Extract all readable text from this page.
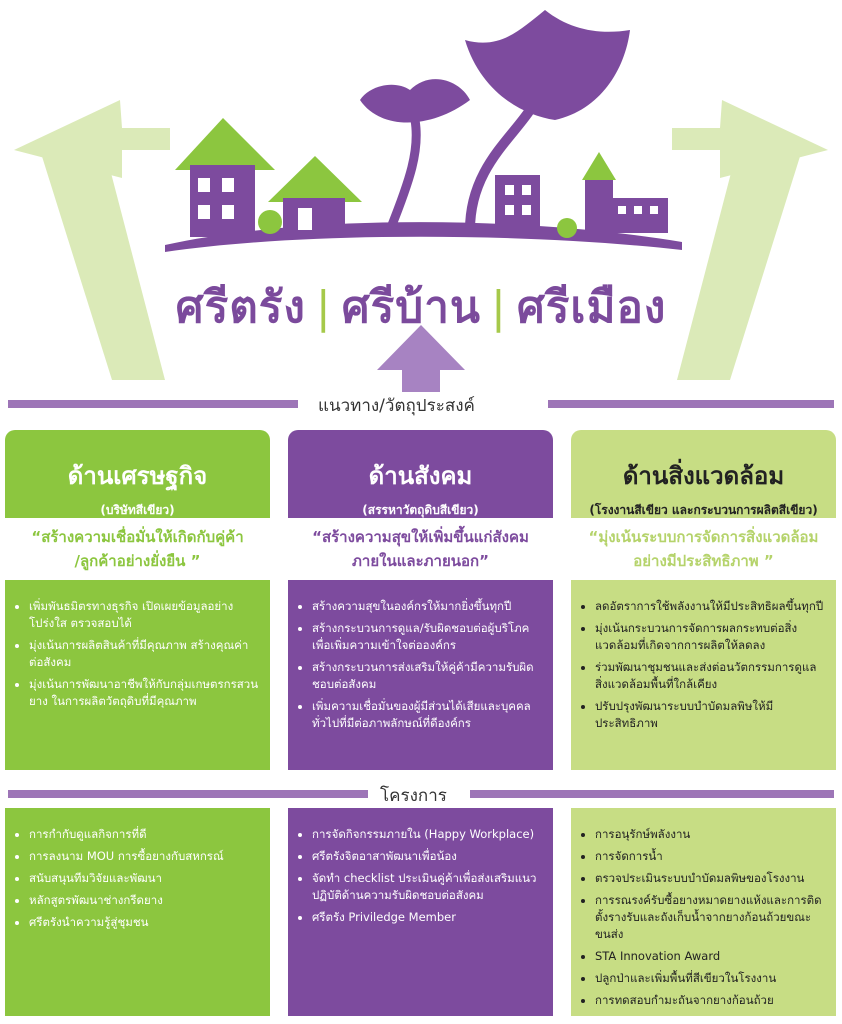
ศรีตรัง | ศรีบ้าน | ศรีเมือง
แนวทาง/วัตถุประสงค์
ด้านเศรษฐกิจ
(บริษัทสีเขียว)
ด้านสังคม
(สรรหาวัตถุดิบสีเขียว)
ด้านสิ่งแวดล้อม
(โรงงานสีเขียว และกระบวนการผลิตสีเขียว)
“สร้างความเชื่อมั่นให้เกิดกับคู่ค้า
/ลูกค้าอย่างยั่งยืน ”
“สร้างความสุขให้เพิ่มขึ้นแก่สังคม
ภายในและภายนอก”
“มุ่งเน้นระบบการจัดการสิ่งแวดล้อม
อย่างมีประสิทธิภาพ ”
• เพิ่มพันธมิตรทางธุรกิจ เปิดเผยข้อมูลอย่างโปร่งใส ตรวจสอบได้
• มุ่งเน้นการผลิตสินค้าที่มีคุณภาพ สร้างคุณค่าต่อสังคม
• มุ่งเน้นการพัฒนาอาชีพให้กับกลุ่มเกษตรกรสวนยาง ในการผลิตวัตถุดิบที่มีคุณภาพ
• สร้างความสุขในองค์กรให้มากยิ่งขึ้นทุกปี
• สร้างกระบวนการดูแล/รับผิดชอบต่อผู้บริโภคเพื่อเพิ่มความเข้าใจต่อองค์กร
• สร้างกระบวนการส่งเสริมให้คู่ค้ามีความรับผิดชอบต่อสังคม
• เพิ่มความเชื่อมั่นของผู้มีส่วนได้เสียและบุคคลทั่วไปที่มีต่อภาพลักษณ์ที่ดีองค์กร
• ลดอัตราการใช้พลังงานให้มีประสิทธิผลขึ้นทุกปี
• มุ่งเน้นกระบวนการจัดการผลกระทบต่อสิ่งแวดล้อมที่เกิดจากการผลิตให้ลดลง
• ร่วมพัฒนาชุมชนและส่งต่อนวัตกรรมการดูแลสิ่งแวดล้อมพื้นที่ใกล้เคียง
• ปรับปรุงพัฒนาระบบบำบัดมลพิษให้มีประสิทธิภาพ
โครงการ
• การกำกับดูแลกิจการที่ดี
• การลงนาม MOU การซื้อยางกับสหกรณ์
• สนับสนุนทีมวิจัยและพัฒนา
• หลักสูตรพัฒนาช่างกรีดยาง
• ศรีตรังนำความรู้สู่ชุมชน
• การจัดกิจกรรมภายใน (Happy Workplace)
• ศรีตรังจิตอาสาพัฒนาเพื่อน้อง
• จัดทำ checklist ประเมินคู่ค้าเพื่อส่งเสริมแนวปฏิบัติด้านความรับผิดชอบต่อสังคม
• ศรีตรัง Priviledge Member
• การอนุรักษ์พลังงาน
• การจัดการน้ำ
• ตรวจประเมินระบบบำบัดมลพิษของโรงงาน
• การรณรงค์รับซื้อยางหมาดยางแห้งและการติดตั้งรางรับและถังเก็บน้ำจากยางก้อนถ้วยขณะขนส่ง
• STA Innovation Award
• ปลูกป่าและเพิ่มพื้นที่สีเขียวในโรงงาน
• การทดสอบกำมะถันจากยางก้อนถ้วย
